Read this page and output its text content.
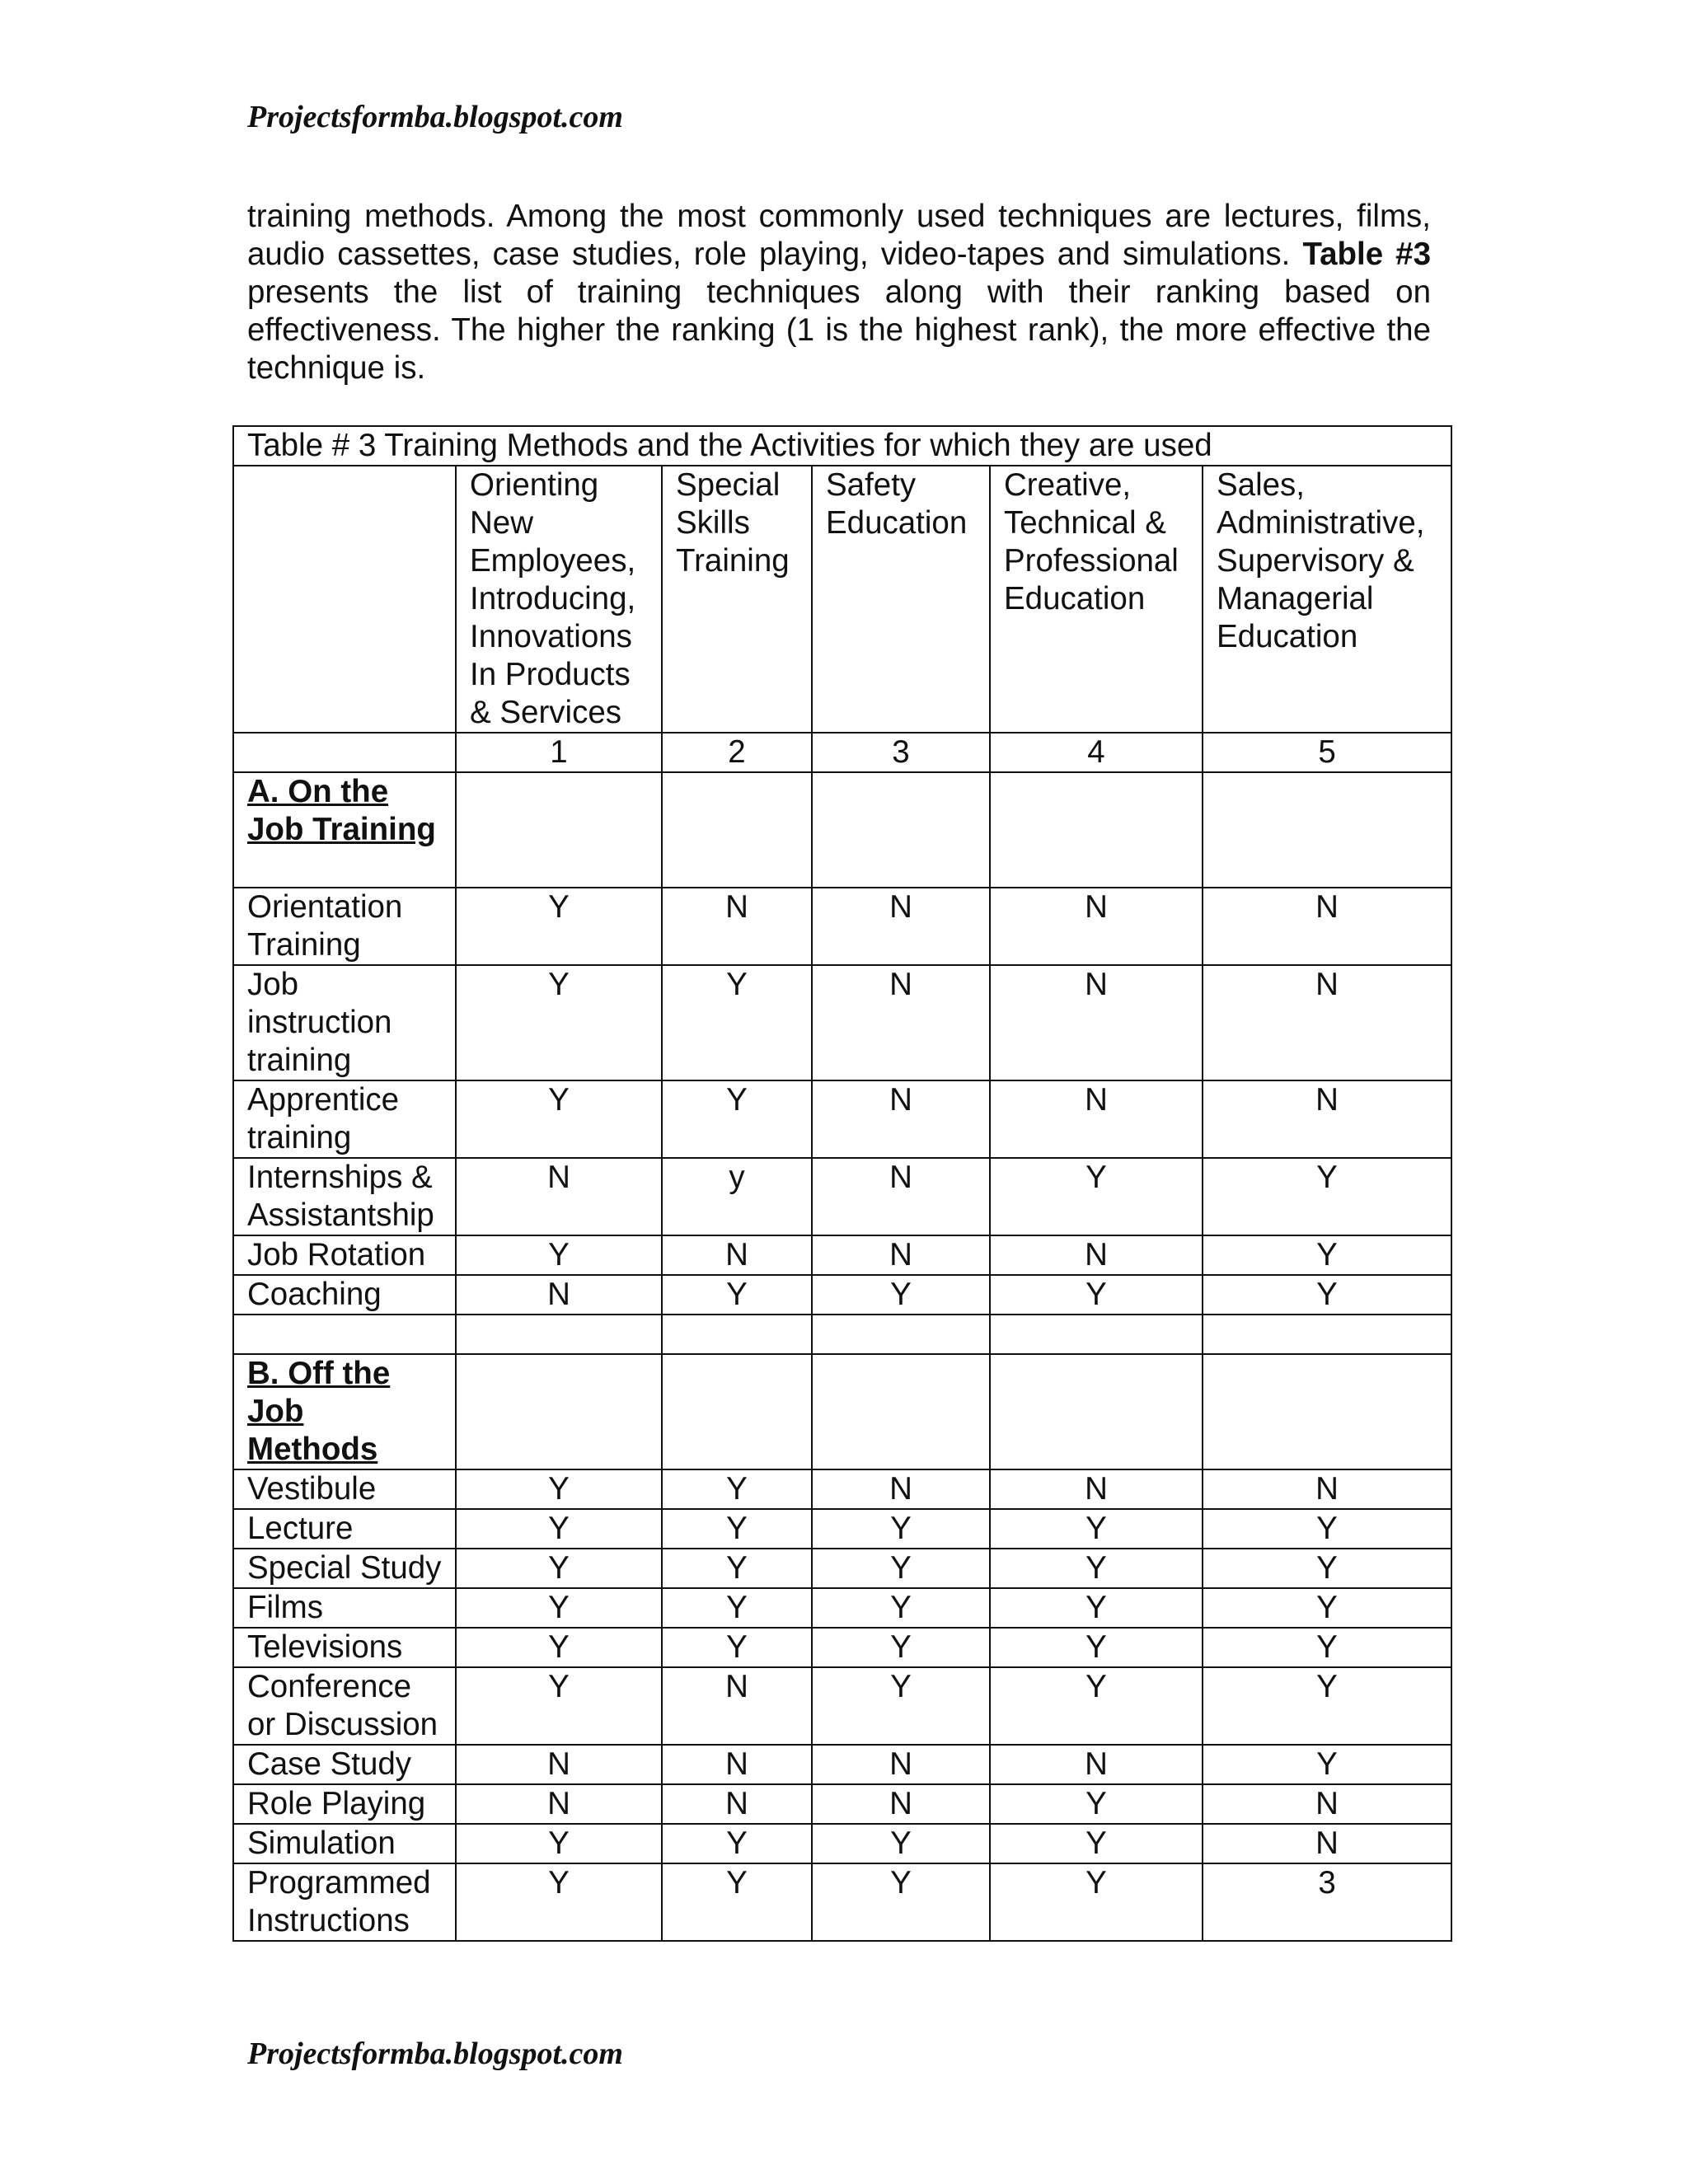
Projectsformba.blogspot.com

training methods. Among the most commonly used techniques are lectures, films, audio cassettes, case studies, role playing, video-tapes and simulations. Table #3 presents the list of training techniques along with their ranking based on effectiveness. The higher the ranking (1 is the highest rank), the more effective the technique is.

Table # 3 Training Methods and the Activities for which they are used					
	Orienting New Employees, Introducing, Innovations In Products & Services	Special Skills Training	Safety Education	Creative, Technical & Professional Education	Sales, Administrative, Supervisory & Managerial Education
	1	2	3	4	5
A. On the Job Training					
Orientation Training	Y	N	N	N	N
Job instruction training	Y	Y	N	N	N
Apprentice training	Y	Y	N	N	N
Internships & Assistantship	N	y	N	Y	Y
Job Rotation	Y	N	N	N	Y
Coaching	N	Y	Y	Y	Y

B. Off the Job Methods					
Vestibule	Y	Y	N	N	N
Lecture	Y	Y	Y	Y	Y
Special Study	Y	Y	Y	Y	Y
Films	Y	Y	Y	Y	Y
Televisions	Y	Y	Y	Y	Y
Conference or Discussion	Y	N	Y	Y	Y
Case Study	N	N	N	N	Y
Role Playing	N	N	N	Y	N
Simulation	Y	Y	Y	Y	N
Programmed Instructions	Y	Y	Y	Y	3
Projectsformba.blogspot.com
